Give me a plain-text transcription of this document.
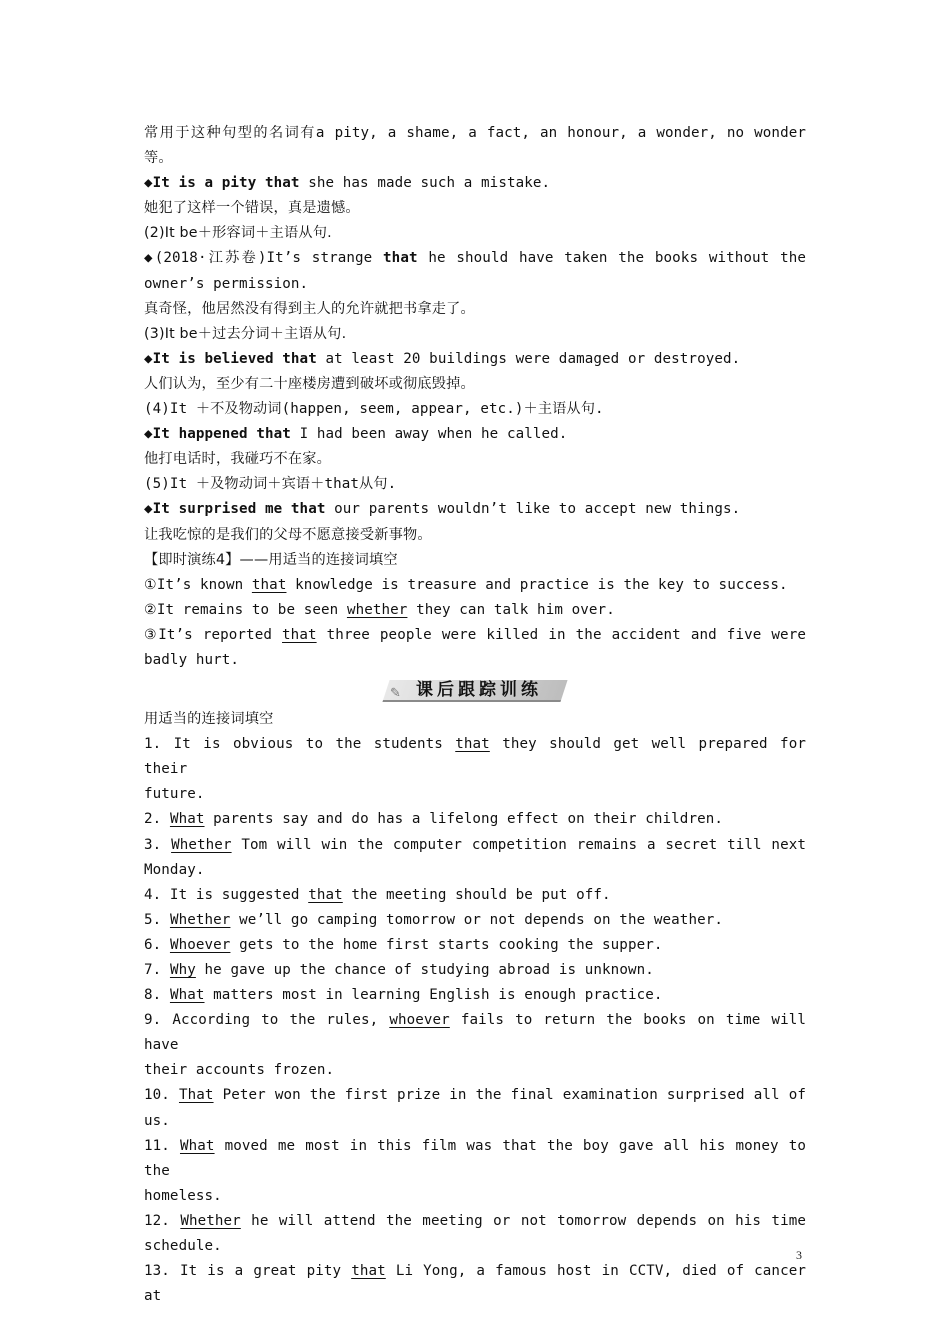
常用于这种句型的名词有a pity, a shame, a fact, an honour, a wonder, no wonder
等。
◆It is a pity that she has made such a mistake.
她犯了这样一个错误，真是遗憾。
(2)It be＋形容词＋主语从句.
◆(2018·江苏卷)It’s strange that he should have taken the books without the
owner’s permission.
真奇怪，他居然没有得到主人的允许就把书拿走了。
(3)It be＋过去分词＋主语从句.
◆It is believed that at least 20 buildings were damaged or destroyed.
人们认为，至少有二十座楼房遭到破坏或彻底毁掉。
(4)It ＋不及物动词(happen, seem, appear, etc.)＋主语从句.
◆It happened that I had been away when he called.
他打电话时，我碰巧不在家。
(5)It ＋及物动词＋宾语＋that从句.
◆It surprised me that our parents wouldn’t like to accept new things.
让我吃惊的是我们的父母不愿意接受新事物。
【即时演练4】——用适当的连接词填空
①It’s known that knowledge is treasure and practice is the key to success.
②It remains to be seen whether they can talk him over.
③It’s reported that three people were killed in the accident and five were
badly hurt.
✎ 课后跟踪训练
用适当的连接词填空
1. It is obvious to the students that they should get well prepared for their
future.
2. What parents say and do has a lifelong effect on their children.
3. Whether Tom will win the computer competition remains a secret till next
Monday.
4. It is suggested that the meeting should be put off.
5. Whether we’ll go camping tomorrow or not depends on the weather.
6. Whoever gets to the home first starts cooking the supper.
7. Why he gave up the chance of studying abroad is unknown.
8. What matters most in learning English is enough practice.
9. According to the rules, whoever fails to return the books on time will have
their accounts frozen.
10. That Peter won the first prize in the final examination surprised all of
us.
11. What moved me most in this film was that the boy gave all his money to the
homeless.
12. Whether he will attend the meeting or not tomorrow depends on his time
schedule.
13. It is a great pity that Li Yong, a famous host in CCTV, died of cancer at
3
